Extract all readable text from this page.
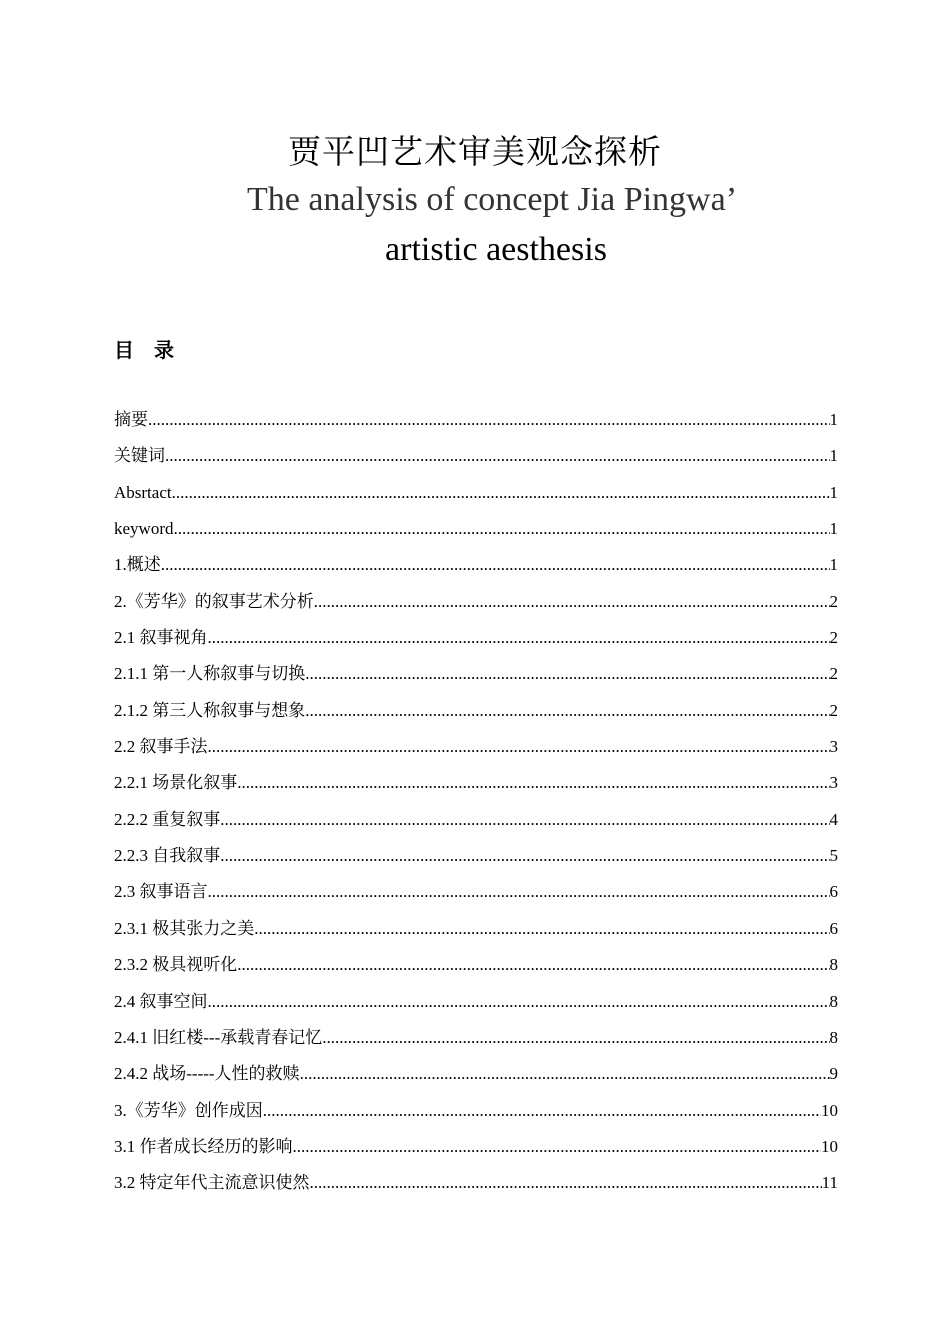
贾平凹艺术审美观念探析
The analysis of concept Jia Pingwa’
artistic aesthesis
目　录
摘要 .....	1
关键词 .....	1
Absrtact .....	1
keyword .....	1
1.概述 .....	1
2.《芳华》的叙事艺术分析 .....	2
2.1 叙事视角 .....	2
2.1.1 第一人称叙事与切换 .....	2
2.1.2 第三人称叙事与想象 .....	2
2.2 叙事手法 .....	3
2.2.1 场景化叙事 .....	3
2.2.2 重复叙事 .....	4
2.2.3 自我叙事 .....	5
2.3 叙事语言 .....	6
2.3.1 极其张力之美 .....	6
2.3.2 极具视听化 .....	8
2.4 叙事空间 .....	8
2.4.1 旧红楼---承载青春记忆 .....	8
2.4.2 战场-----人性的救赎 .....	9
3.《芳华》创作成因 .....	10
3.1 作者成长经历的影响 .....	10
3.2 特定年代主流意识使然 .....	11
